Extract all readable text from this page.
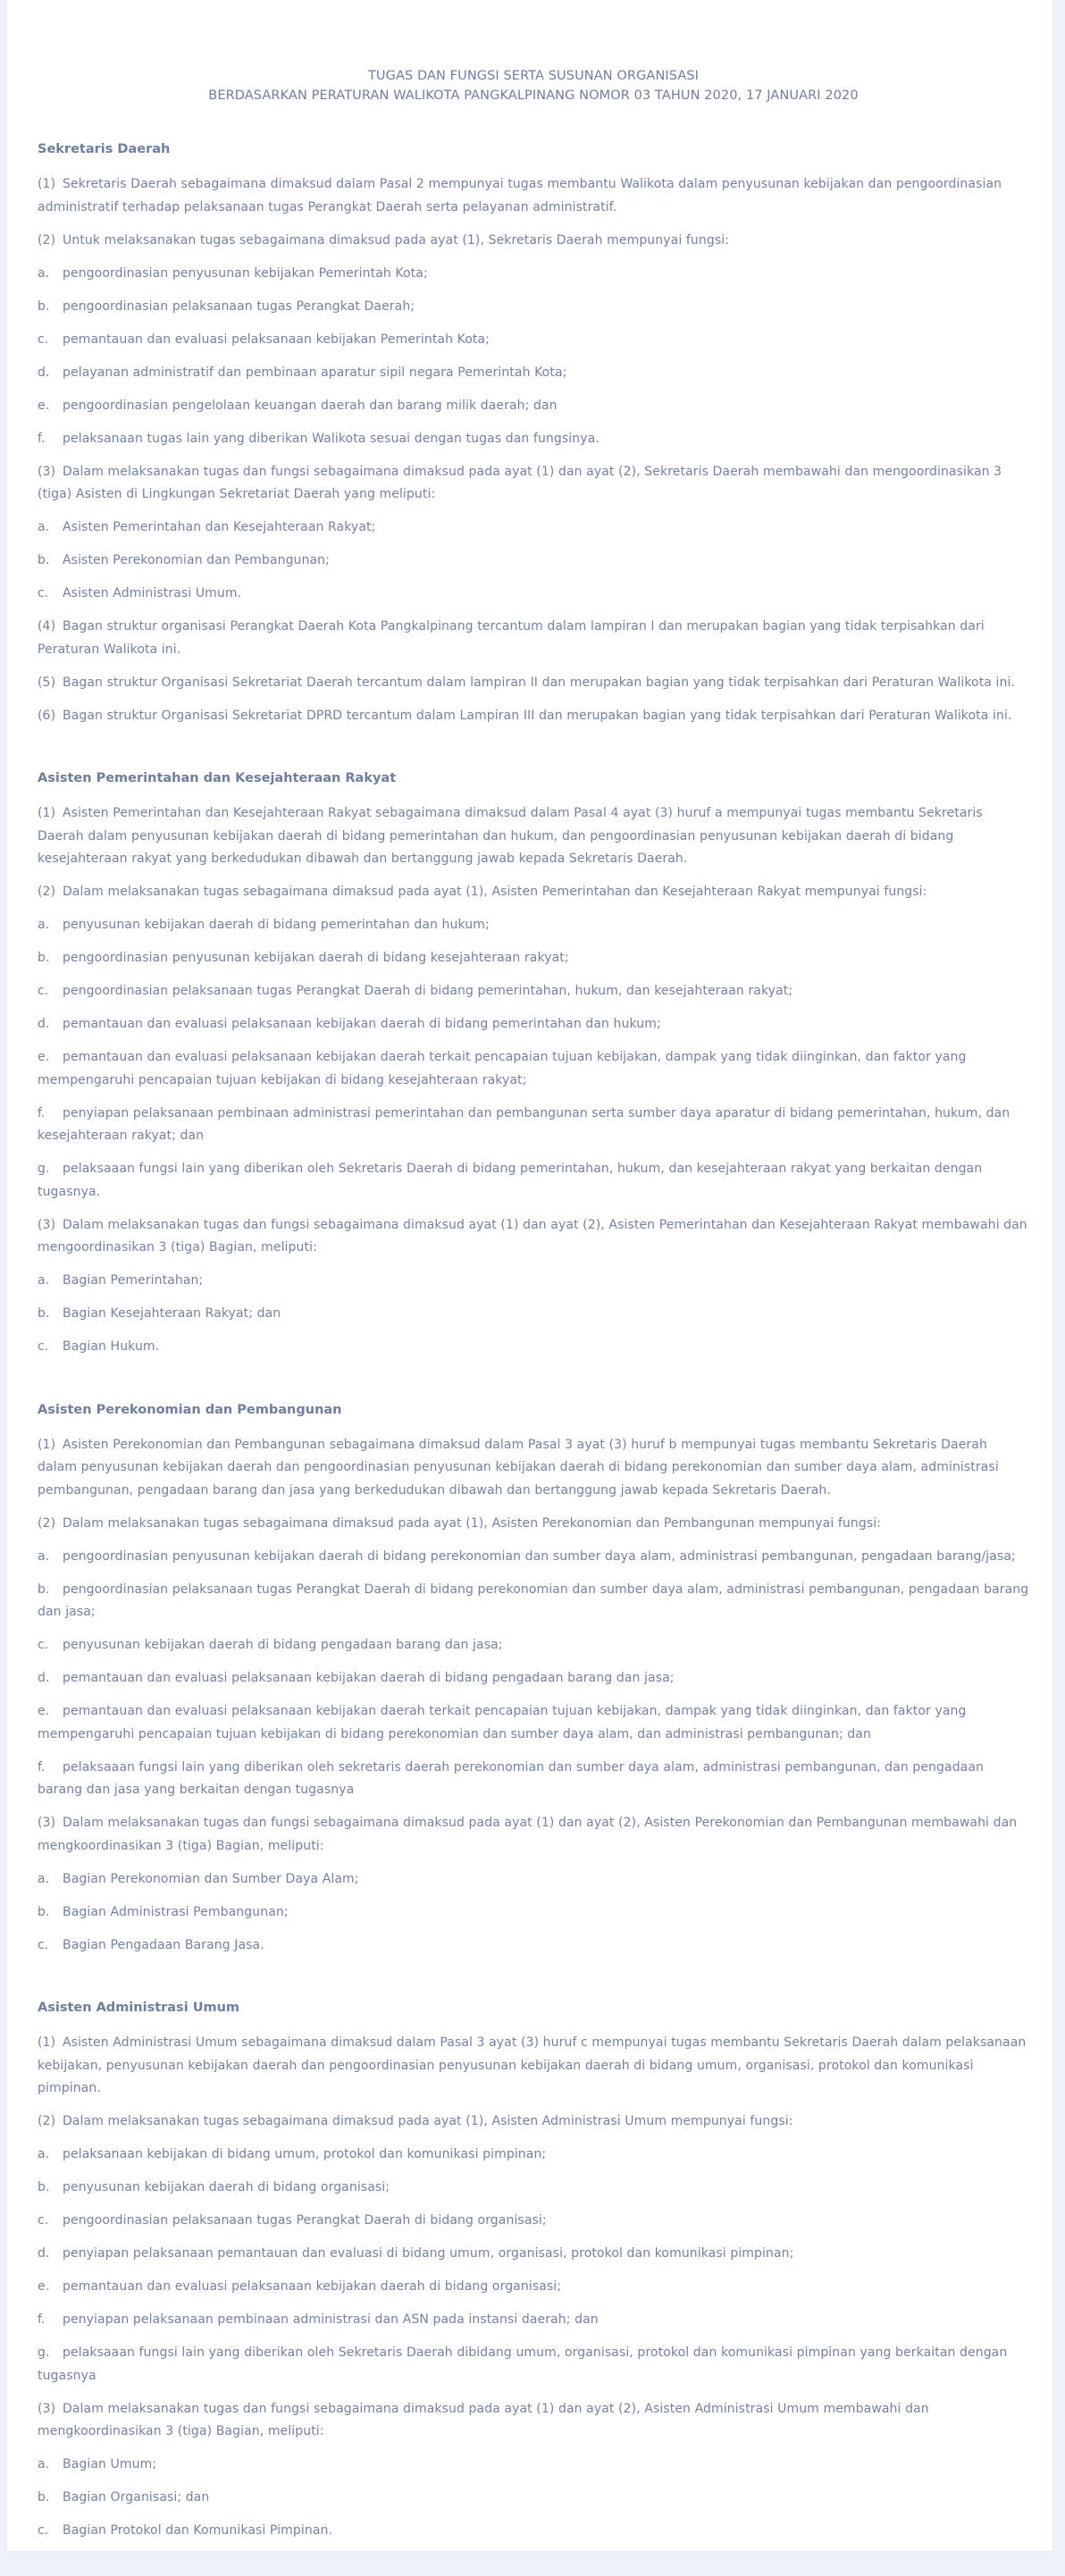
TUGAS DAN FUNGSI SERTA SUSUNAN ORGANISASI
BERDASARKAN PERATURAN WALIKOTA PANGKALPINANG NOMOR 03 TAHUN 2020, 17 JANUARI 2020
Sekretaris Daerah
(1) Sekretaris Daerah sebagaimana dimaksud dalam Pasal 2 mempunyai tugas membantu Walikota dalam penyusunan kebijakan dan pengoordinasian administratif terhadap pelaksanaan tugas Perangkat Daerah serta pelayanan administratif.
(2) Untuk melaksanakan tugas sebagaimana dimaksud pada ayat (1), Sekretaris Daerah mempunyai fungsi:
a. pengoordinasian penyusunan kebijakan Pemerintah Kota;
b. pengoordinasian pelaksanaan tugas Perangkat Daerah;
c. pemantauan dan evaluasi pelaksanaan kebijakan Pemerintah Kota;
d. pelayanan administratif dan pembinaan aparatur sipil negara Pemerintah Kota;
e. pengoordinasian pengelolaan keuangan daerah dan barang milik daerah; dan
f. pelaksanaan tugas lain yang diberikan Walikota sesuai dengan tugas dan fungsinya.
(3) Dalam melaksanakan tugas dan fungsi sebagaimana dimaksud pada ayat (1) dan ayat (2), Sekretaris Daerah membawahi dan mengoordinasikan 3 (tiga) Asisten di Lingkungan Sekretariat Daerah yang meliputi:
a. Asisten Pemerintahan dan Kesejahteraan Rakyat;
b. Asisten Perekonomian dan Pembangunan;
c. Asisten Administrasi Umum.
(4) Bagan struktur organisasi Perangkat Daerah Kota Pangkalpinang tercantum dalam lampiran I dan merupakan bagian yang tidak terpisahkan dari Peraturan Walikota ini.
(5) Bagan struktur Organisasi Sekretariat Daerah tercantum dalam lampiran II dan merupakan bagian yang tidak terpisahkan dari Peraturan Walikota ini.
(6) Bagan struktur Organisasi Sekretariat DPRD tercantum dalam Lampiran III dan merupakan bagian yang tidak terpisahkan dari Peraturan Walikota ini.
Asisten Pemerintahan dan Kesejahteraan Rakyat
(1) Asisten Pemerintahan dan Kesejahteraan Rakyat sebagaimana dimaksud dalam Pasal 4 ayat (3) huruf a mempunyai tugas membantu Sekretaris Daerah dalam penyusunan kebijakan daerah di bidang pemerintahan dan hukum, dan pengoordinasian penyusunan kebijakan daerah di bidang kesejahteraan rakyat yang berkedudukan dibawah dan bertanggung jawab kepada Sekretaris Daerah.
(2) Dalam melaksanakan tugas sebagaimana dimaksud pada ayat (1), Asisten Pemerintahan dan Kesejahteraan Rakyat mempunyai fungsi:
a. penyusunan kebijakan daerah di bidang pemerintahan dan hukum;
b. pengoordinasian penyusunan kebijakan daerah di bidang kesejahteraan rakyat;
c. pengoordinasian pelaksanaan tugas Perangkat Daerah di bidang pemerintahan, hukum, dan kesejahteraan rakyat;
d. pemantauan dan evaluasi pelaksanaan kebijakan daerah di bidang pemerintahan dan hukum;
e. pemantauan dan evaluasi pelaksanaan kebijakan daerah terkait pencapaian tujuan kebijakan, dampak yang tidak diinginkan, dan faktor yang mempengaruhi pencapaian tujuan kebijakan di bidang kesejahteraan rakyat;
f. penyiapan pelaksanaan pembinaan administrasi pemerintahan dan pembangunan serta sumber daya aparatur di bidang pemerintahan, hukum, dan kesejahteraan rakyat; dan
g. pelaksaaan fungsi lain yang diberikan oleh Sekretaris Daerah di bidang pemerintahan, hukum, dan kesejahteraan rakyat yang berkaitan dengan tugasnya.
(3) Dalam melaksanakan tugas dan fungsi sebagaimana dimaksud ayat (1) dan ayat (2), Asisten Pemerintahan dan Kesejahteraan Rakyat membawahi dan mengoordinasikan 3 (tiga) Bagian, meliputi:
a. Bagian Pemerintahan;
b. Bagian Kesejahteraan Rakyat; dan
c. Bagian Hukum.
Asisten Perekonomian dan Pembangunan
(1) Asisten Perekonomian dan Pembangunan sebagaimana dimaksud dalam Pasal 3 ayat (3) huruf b mempunyai tugas membantu Sekretaris Daerah dalam penyusunan kebijakan daerah dan pengoordinasian penyusunan kebijakan daerah di bidang perekonomian dan sumber daya alam, administrasi pembangunan, pengadaan barang dan jasa yang berkedudukan dibawah dan bertanggung jawab kepada Sekretaris Daerah.
(2) Dalam melaksanakan tugas sebagaimana dimaksud pada ayat (1), Asisten Perekonomian dan Pembangunan mempunyai fungsi:
a. pengoordinasian penyusunan kebijakan daerah di bidang perekonomian dan sumber daya alam, administrasi pembangunan, pengadaan barang/jasa;
b. pengoordinasian pelaksanaan tugas Perangkat Daerah di bidang perekonomian dan sumber daya alam, administrasi pembangunan, pengadaan barang dan jasa;
c. penyusunan kebijakan daerah di bidang pengadaan barang dan jasa;
d. pemantauan dan evaluasi pelaksanaan kebijakan daerah di bidang pengadaan barang dan jasa;
e. pemantauan dan evaluasi pelaksanaan kebijakan daerah terkait pencapaian tujuan kebijakan, dampak yang tidak diinginkan, dan faktor yang mempengaruhi pencapaian tujuan kebijakan di bidang perekonomian dan sumber daya alam, dan administrasi pembangunan; dan
f. pelaksaaan fungsi lain yang diberikan oleh sekretaris daerah perekonomian dan sumber daya alam, administrasi pembangunan, dan pengadaan barang dan jasa yang berkaitan dengan tugasnya
(3) Dalam melaksanakan tugas dan fungsi sebagaimana dimaksud pada ayat (1) dan ayat (2), Asisten Perekonomian dan Pembangunan membawahi dan mengkoordinasikan 3 (tiga) Bagian, meliputi:
a. Bagian Perekonomian dan Sumber Daya Alam;
b. Bagian Administrasi Pembangunan;
c. Bagian Pengadaan Barang Jasa.
Asisten Administrasi Umum
(1) Asisten Administrasi Umum sebagaimana dimaksud dalam Pasal 3 ayat (3) huruf c mempunyai tugas membantu Sekretaris Daerah dalam pelaksanaan kebijakan, penyusunan kebijakan daerah dan pengoordinasian penyusunan kebijakan daerah di bidang umum, organisasi, protokol dan komunikasi pimpinan.
(2) Dalam melaksanakan tugas sebagaimana dimaksud pada ayat (1), Asisten Administrasi Umum mempunyai fungsi:
a. pelaksanaan kebijakan di bidang umum, protokol dan komunikasi pimpinan;
b. penyusunan kebijakan daerah di bidang organisasi;
c. pengoordinasian pelaksanaan tugas Perangkat Daerah di bidang organisasi;
d. penyiapan pelaksanaan pemantauan dan evaluasi di bidang umum, organisasi, protokol dan komunikasi pimpinan;
e. pemantauan dan evaluasi pelaksanaan kebijakan daerah di bidang organisasi;
f. penyiapan pelaksanaan pembinaan administrasi dan ASN pada instansi daerah; dan
g. pelaksaaan fungsi lain yang diberikan oleh Sekretaris Daerah dibidang umum, organisasi, protokol dan komunikasi pimpinan yang berkaitan dengan tugasnya
(3) Dalam melaksanakan tugas dan fungsi sebagaimana dimaksud pada ayat (1) dan ayat (2), Asisten Administrasi Umum membawahi dan mengkoordinasikan 3 (tiga) Bagian, meliputi:
a. Bagian Umum;
b. Bagian Organisasi; dan
c. Bagian Protokol dan Komunikasi Pimpinan.
